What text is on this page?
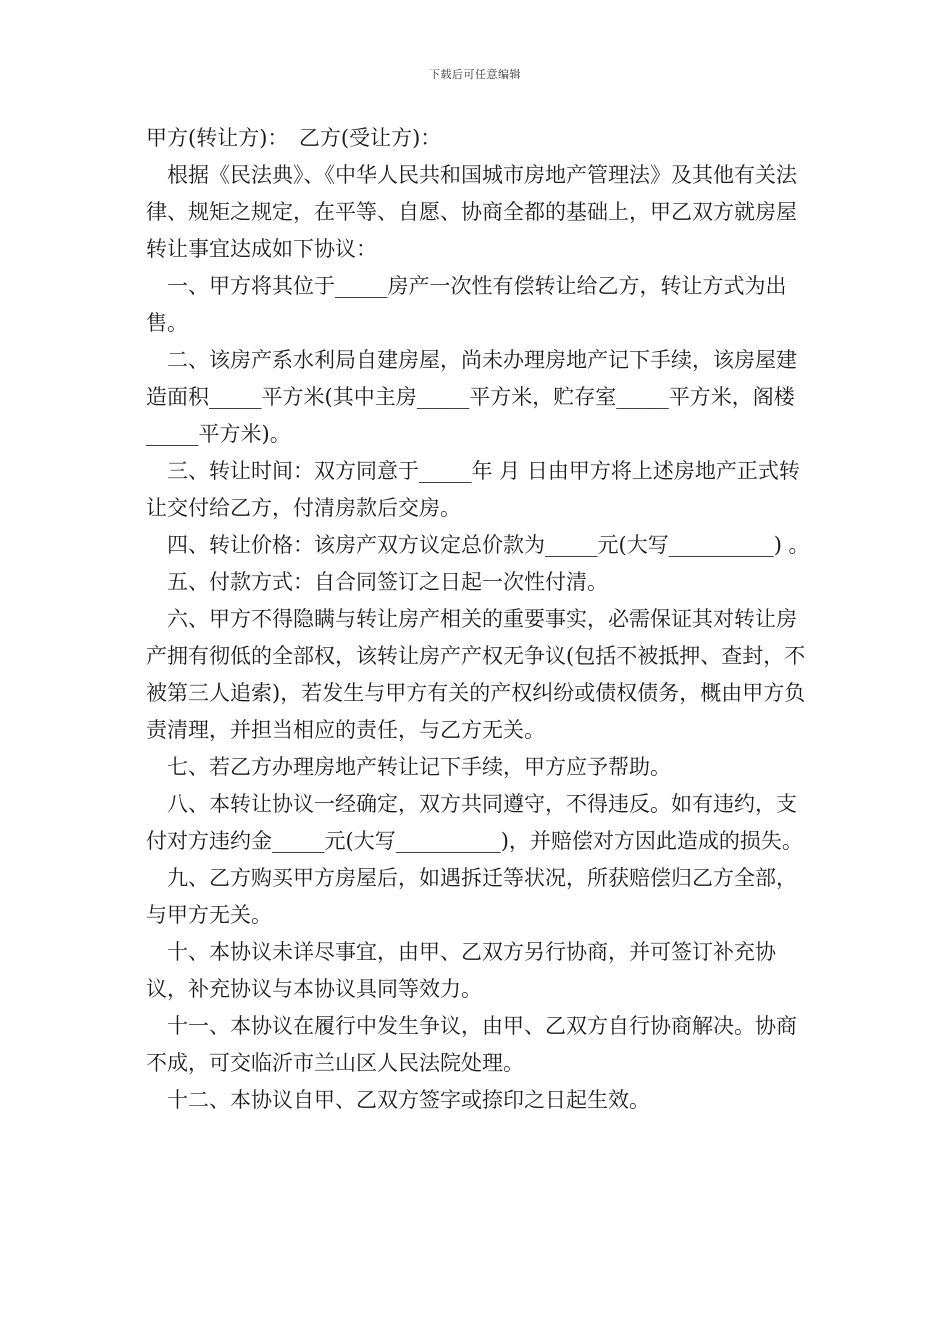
下载后可任意编辑

甲方(转让方)：　乙方(受让方)：

根据《民法典》、《中华人民共和国城市房地产管理法》及其他有关法律、规矩之规定，在平等、自愿、协商全都的基础上，甲乙双方就房屋转让事宜达成如下协议：

一、甲方将其位于_____房产一次性有偿转让给乙方，转让方式为出售。

二、该房产系水利局自建房屋，尚未办理房地产记下手续，该房屋建造面积_____平方米(其中主房_____平方米，贮存室_____平方米，阁楼_____平方米)。

三、转让时间：双方同意于_____年 月 日由甲方将上述房地产正式转让交付给乙方，付清房款后交房。

四、转让价格：该房产双方议定总价款为_____元(大写__________) 。

五、付款方式：自合同签订之日起一次性付清。

六、甲方不得隐瞒与转让房产相关的重要事实，必需保证其对转让房产拥有彻低的全部权，该转让房产产权无争议(包括不被抵押、查封，不被第三人追索)，若发生与甲方有关的产权纠纷或债权债务，概由甲方负责清理，并担当相应的责任，与乙方无关。

七、若乙方办理房地产转让记下手续，甲方应予帮助。

八、本转让协议一经确定，双方共同遵守，不得违反。如有违约，支付对方违约金_____元(大写__________)，并赔偿对方因此造成的损失。

九、乙方购买甲方房屋后，如遇拆迁等状况，所获赔偿归乙方全部，与甲方无关。

十、本协议未详尽事宜，由甲、乙双方另行协商，并可签订补充协议，补充协议与本协议具同等效力。

十一、本协议在履行中发生争议，由甲、乙双方自行协商解决。协商不成，可交临沂市兰山区人民法院处理。

十二、本协议自甲、乙双方签字或捺印之日起生效。
